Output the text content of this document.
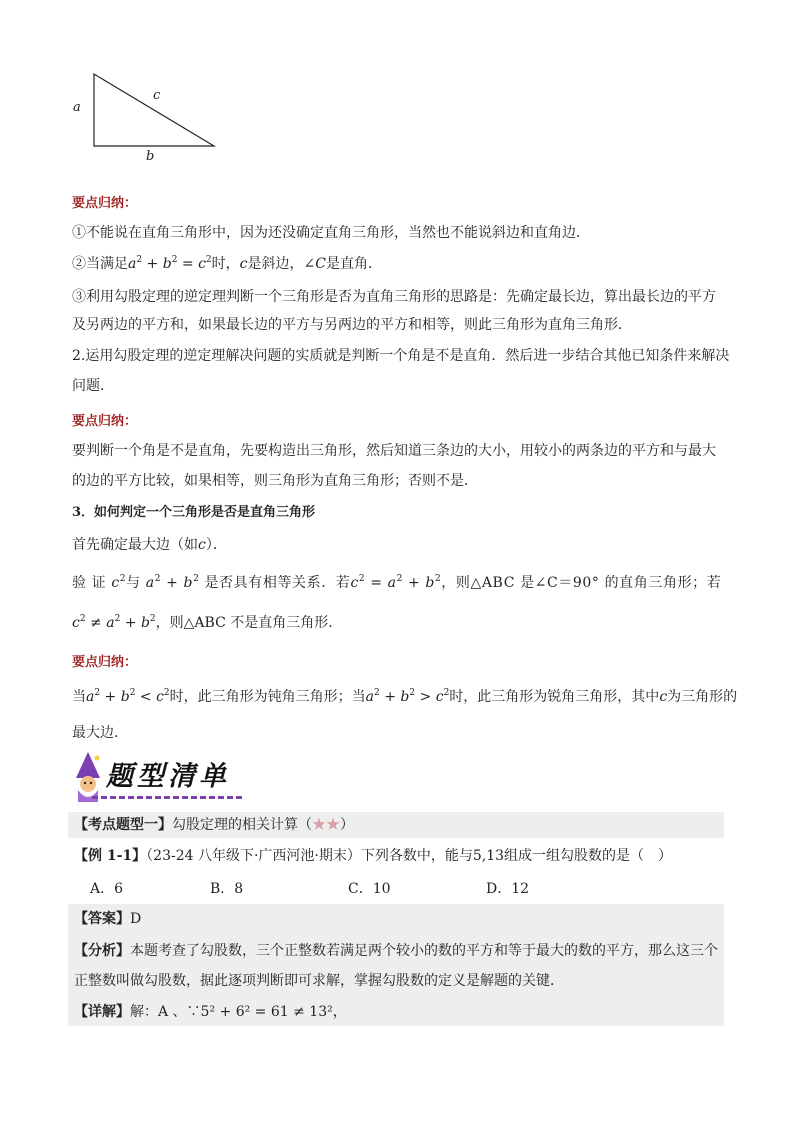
a
c
b
要点归纳：
①不能说在直角三角形中，因为还没确定直角三角形，当然也不能说斜边和直角边．
②当满足$a^2 + b^2 = c^2$时，c是斜边，∠C是直角．
③利用勾股定理的逆定理判断一个三角形是否为直角三角形的思路是：先确定最长边，算出最长边的平方
及另两边的平方和，如果最长边的平方与另两边的平方和相等，则此三角形为直角三角形．
2.运用勾股定理的逆定理解决问题的实质就是判断一个角是不是直角．然后进一步结合其他已知条件来解决
问题．
要点归纳：
要判断一个角是不是直角，先要构造出三角形，然后知道三条边的大小，用较小的两条边的平方和与最大
的边的平方比较，如果相等，则三角形为直角三角形；否则不是．
3．如何判定一个三角形是否是直角三角形
首先确定最大边（如c）．
验 证 $c^2$与 $a^2 + b^2$ 是否具有相等关系．若$c^2 = a^2 + b^2$，则△ABC 是∠C＝90° 的直角三角形；若
$c^2 \ne a^2 + b^2$，则△ABC 不是直角三角形.
要点归纳：
当$a^2 + b^2 < c^2$时，此三角形为钝角三角形；当$a^2 + b^2 > c^2$时，此三角形为锐角三角形，其中c为三角形的
最大边.
题型清单
【考点题型一】勾股定理的相关计算（★★）
【例 1-1】（23-24 八年级下·广西河池·期末）下列各数中，能与5,13组成一组勾股数的是（　）
A．6	B．8	C．10	D．12
【答案】D
【分析】本题考查了勾股数，三个正整数若满足两个较小的数的平方和等于最大的数的平方，那么这三个
正整数叫做勾股数，据此逐项判断即可求解，掌握勾股数的定义是解题的关键．
【详解】解：A 、∵5² + 6² = 61 ≠ 13²，
